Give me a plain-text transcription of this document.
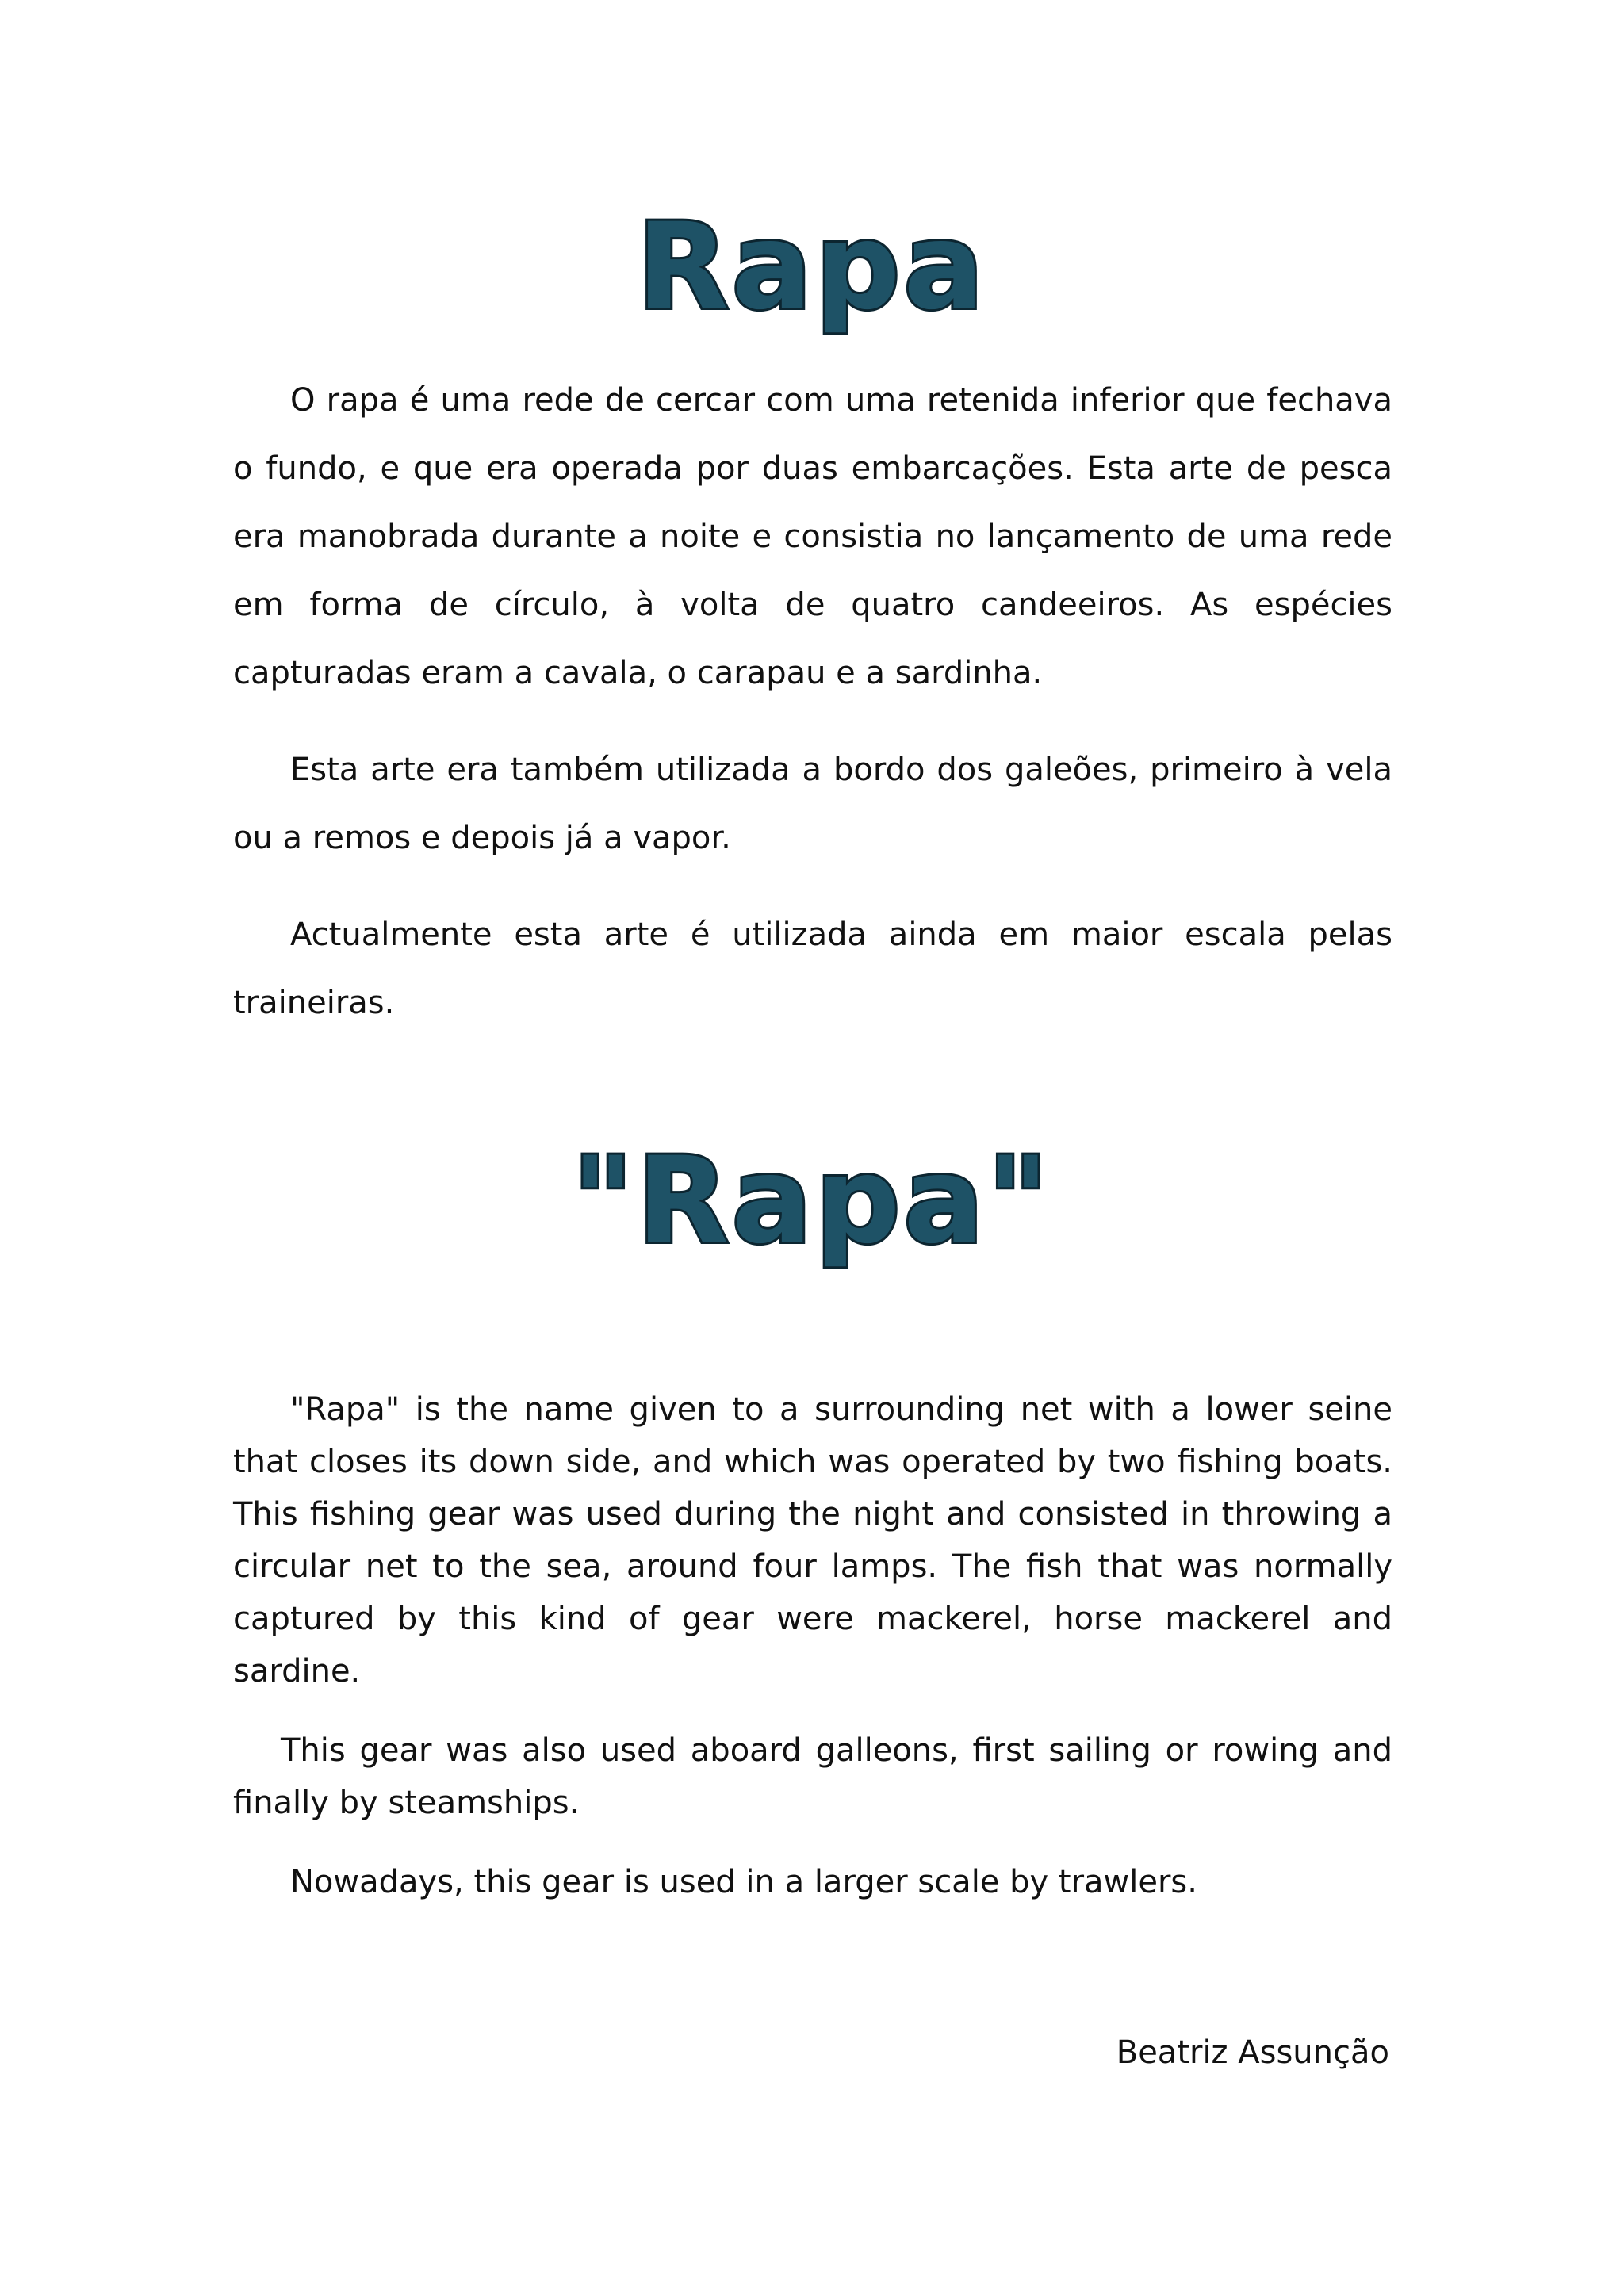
Rapa

O rapa é uma rede de cercar com uma retenida inferior que fechava o fundo, e que era operada por duas embarcações. Esta arte de pesca era manobrada durante a noite e consistia no lançamento de uma rede em forma de círculo, à volta de quatro candeeiros. As espécies capturadas eram a cavala, o carapau e a sardinha.

Esta arte era também utilizada a bordo dos galeões, primeiro à vela ou a remos e depois já a vapor.

Actualmente esta arte é utilizada ainda em maior escala pelas traineiras.

"Rapa"

"Rapa" is the name given to a surrounding net with a lower seine that closes its down side, and which was operated by two fishing boats. This fishing gear was used during the night and consisted in throwing a circular net to the sea, around four lamps. The fish that was normally captured by this kind of gear were mackerel, horse mackerel and sardine.

This gear was also used aboard galleons, first sailing or rowing and finally by steamships.

Nowadays, this gear is used in a larger scale by trawlers.

Beatriz Assunção
